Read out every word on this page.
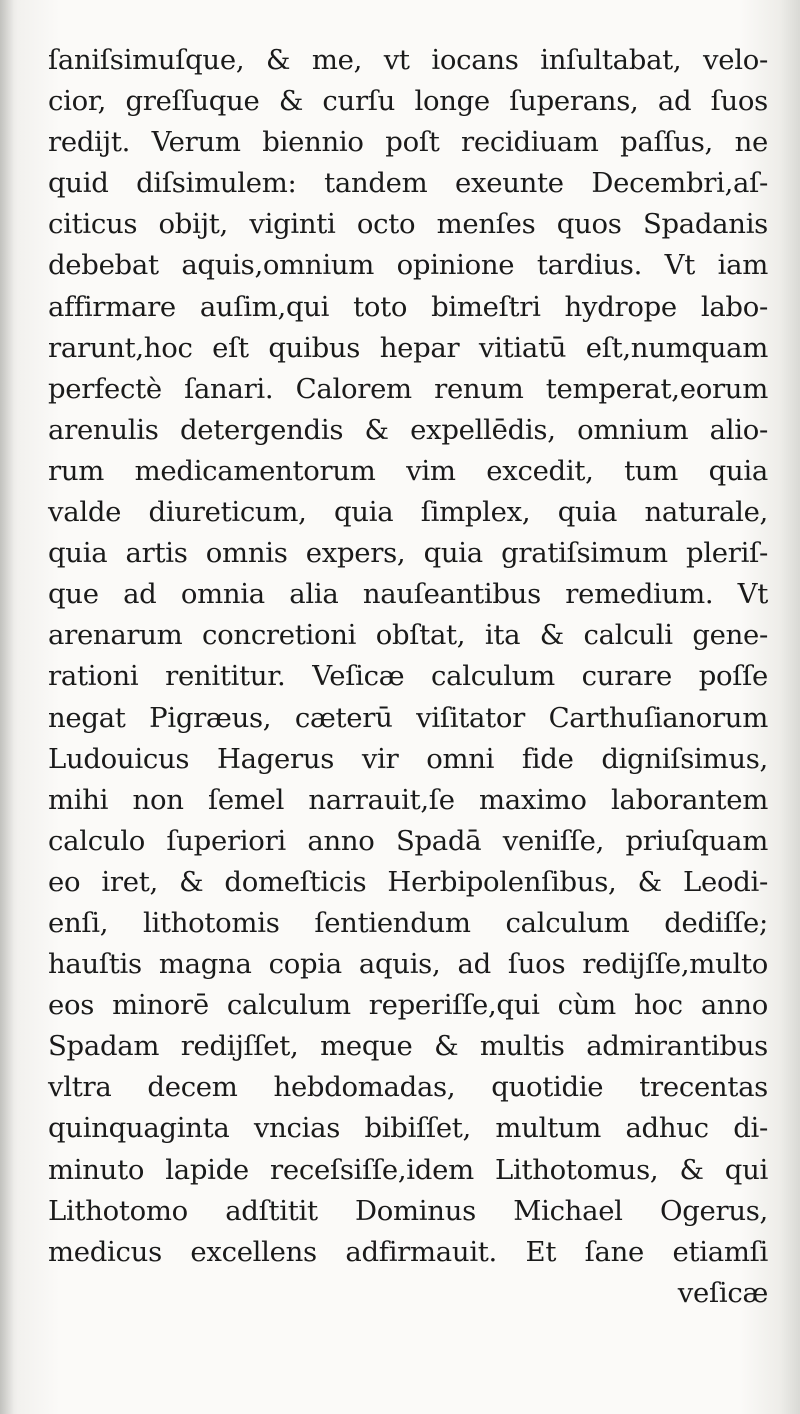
ſaniſsimuſque, & me, vt iocans inſultabat, velo-
cior, greſſuque & curſu longe ſuperans, ad ſuos
redijt. Verum biennio poſt recidiuam paſſus, ne
quid diſsimulem: tandem exeunte Decembri,aſ-
citicus obijt, viginti octo menſes quos Spadanis
debebat aquis,omnium opinione tardius. Vt iam
affirmare auſim,qui toto bimeſtri hydrope labo-
rarunt,hoc eſt quibus hepar vitiatū eſt,numquam
perfectè ſanari. Calorem renum temperat,eorum
arenulis detergendis & expellēdis, omnium alio-
rum medicamentorum vim excedit, tum quia
valde diureticum, quia ſimplex, quia naturale,
quia artis omnis expers, quia gratiſsimum pleriſ-
que ad omnia alia nauſeantibus remedium. Vt
arenarum concretioni obſtat, ita & calculi gene-
rationi renititur. Veſicæ calculum curare poſſe
negat Pigræus, cæterū viſitator Carthuſianorum
Ludouicus Hagerus vir omni fide digniſsimus,
mihi non ſemel narrauit,ſe maximo laborantem
calculo ſuperiori anno Spadā veniſſe, priuſquam
eo iret, & domeſticis Herbipolenſibus, & Leodi-
enſi, lithotomis ſentiendum calculum dediſſe;
hauſtis magna copia aquis, ad ſuos redijſſe,multo
eos minorē calculum reperiſſe,qui cùm hoc anno
Spadam redijſſet, meque & multis admirantibus
vltra decem hebdomadas, quotidie trecentas
quinquaginta vncias bibiſſet, multum adhuc di-
minuto lapide receſsiſſe,idem Lithotomus, & qui
Lithotomo adſtitit Dominus Michael Ogerus,
medicus excellens adfirmauit. Et ſane etiamſi
veſicæ
